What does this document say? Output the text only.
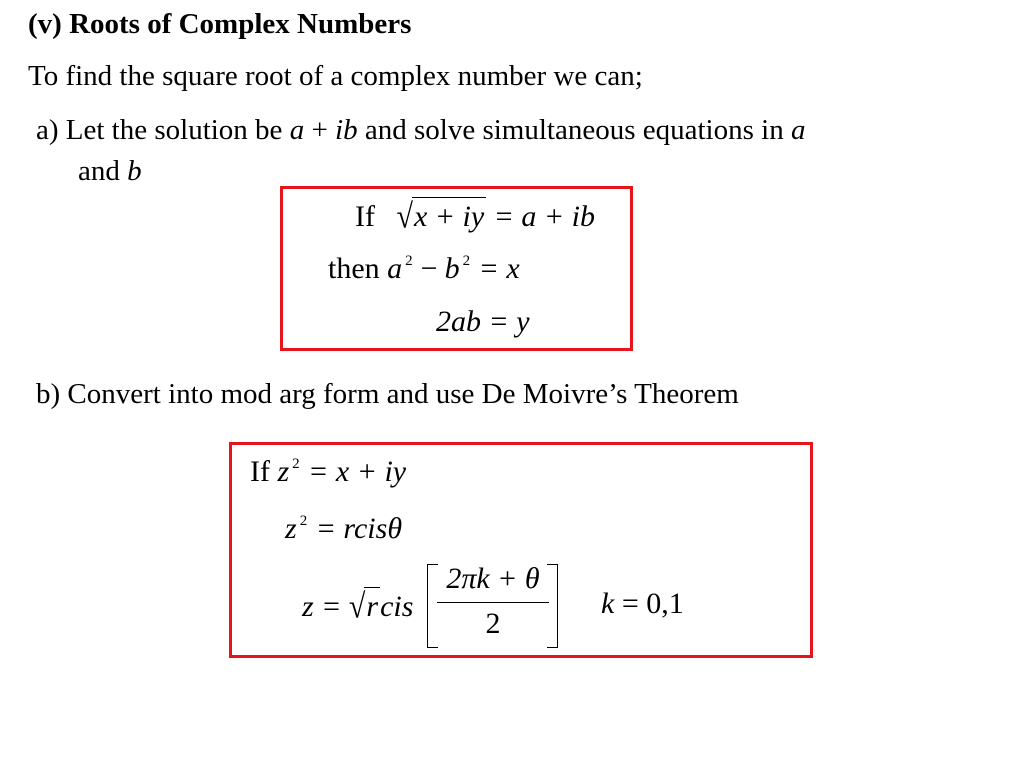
(v) Roots of Complex Numbers
To find the square root of a complex number we can;
a) Let the solution be a + ib and solve simultaneous equations in a
and b
If √x + iy = a + ib
then a $^2$ − b $^2$ = x
2ab = y
b) Convert into mod arg form and use De Moivre’s Theorem
If z $^2$ = x + iy
z $^2$ = rcisθ
z = √rcis $\frac{2\pi k + \theta}{2}$ k = 0,1
